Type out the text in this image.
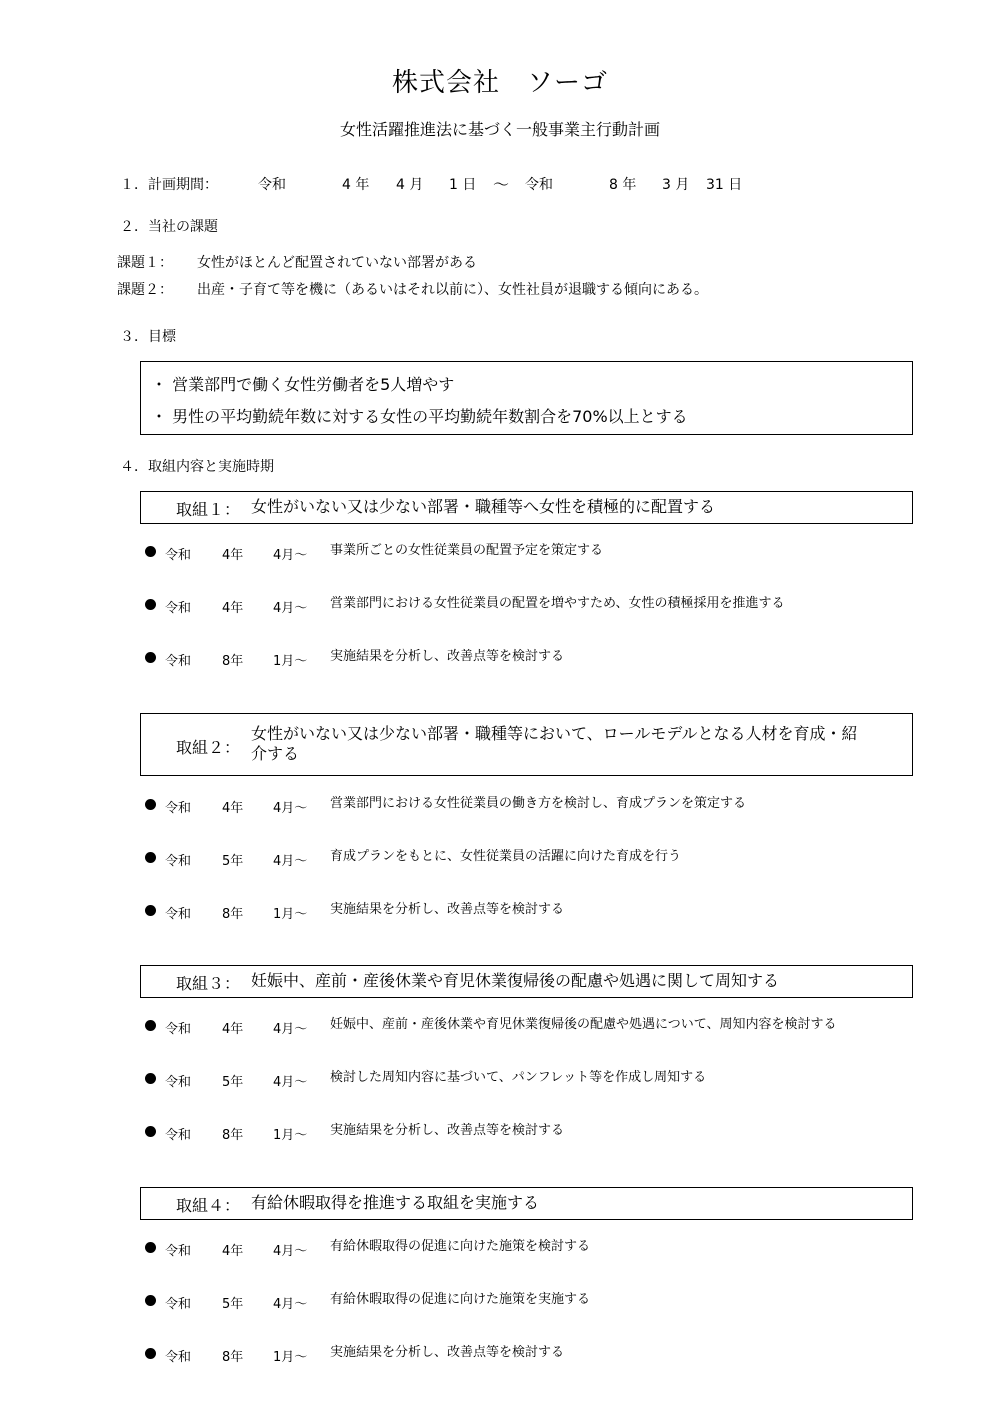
株式会社　ソーゴ
女性活躍推進法に基づく一般事業主行動計画
１．計画期間：	令和	4 年 4 月 1 日 ～ 令和	8 年 3 月 31 日
２．当社の課題
課題１： 女性がほとんど配置されていない部署がある
課題２： 出産・子育て等を機に（あるいはそれ以前に）、女性社員が退職する傾向にある。
３．目標
・ 営業部門で働く女性労働者を5人増やす
・ 男性の平均勤続年数に対する女性の平均勤続年数割合を70%以上とする
４．取組内容と実施時期
取組１： 女性がいない又は少ない部署・職種等へ女性を積極的に配置する
令和 4年 4月～ 事業所ごとの女性従業員の配置予定を策定する
令和 4年 4月～ 営業部門における女性従業員の配置を増やすため、女性の積極採用を推進する
令和 8年 1月～ 実施結果を分析し、改善点等を検討する
取組２：
女性がいない又は少ない部署・職種等において、ロールモデルとなる人材を育成・紹
介する
令和 4年 4月～ 営業部門における女性従業員の働き方を検討し、育成プランを策定する
令和 5年 4月～ 育成プランをもとに、女性従業員の活躍に向けた育成を行う
令和 8年 1月～ 実施結果を分析し、改善点等を検討する
取組３： 妊娠中、産前・産後休業や育児休業復帰後の配慮や処遇に関して周知する
令和 4年 4月～ 妊娠中、産前・産後休業や育児休業復帰後の配慮や処遇について、周知内容を検討する
令和 5年 4月～ 検討した周知内容に基づいて、パンフレット等を作成し周知する
令和 8年 1月～ 実施結果を分析し、改善点等を検討する
取組４： 有給休暇取得を推進する取組を実施する
令和 4年 4月～ 有給休暇取得の促進に向けた施策を検討する
令和 5年 4月～ 有給休暇取得の促進に向けた施策を実施する
令和 8年 1月～ 実施結果を分析し、改善点等を検討する
